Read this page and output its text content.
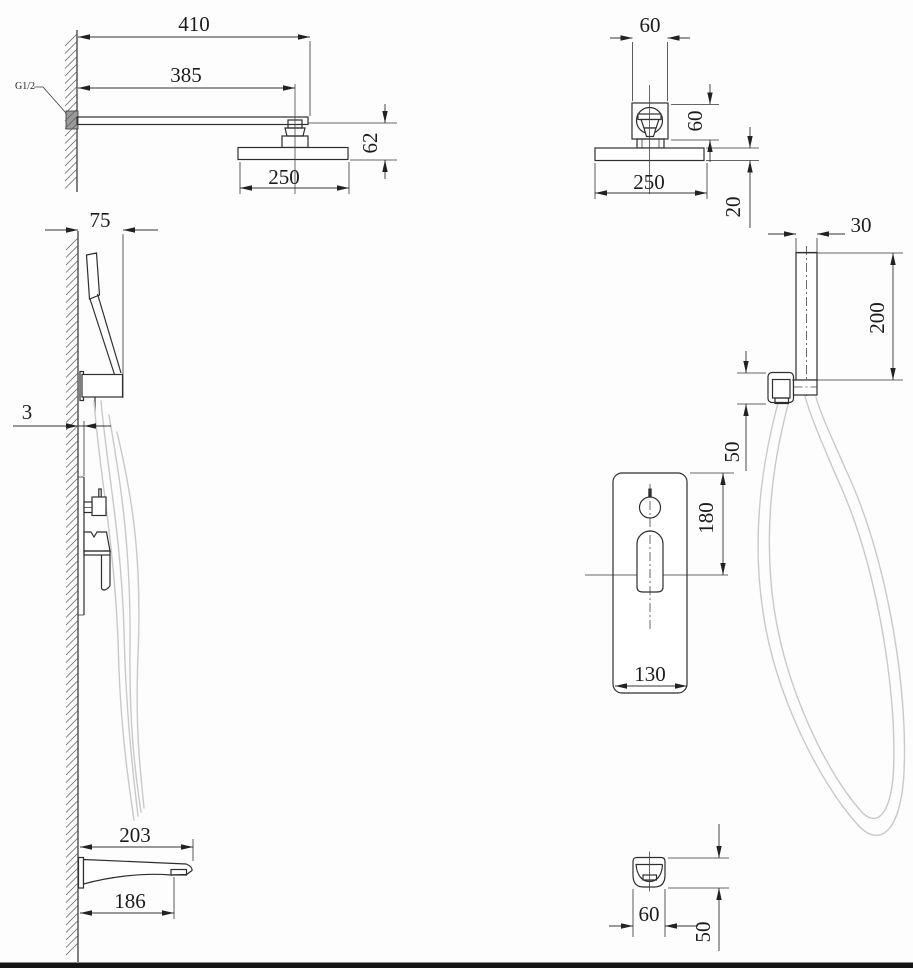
410
385
62
250
G1/2
60
60
20
250
75
3
203
186
30
200
50
180
130
60
50
